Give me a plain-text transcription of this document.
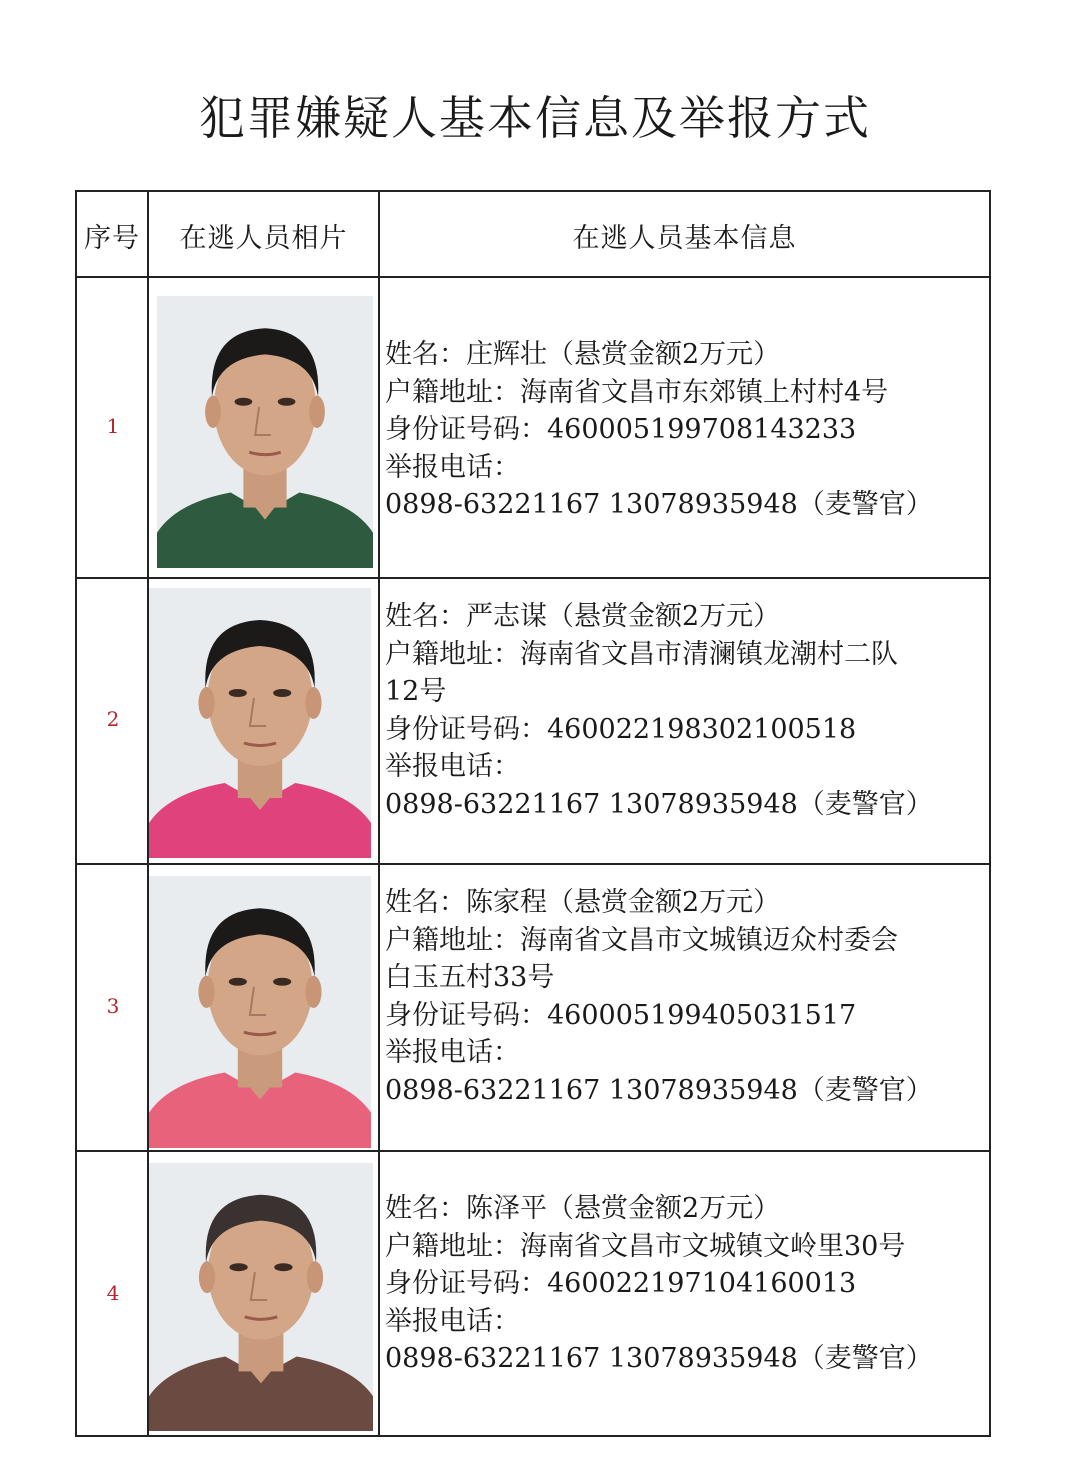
犯罪嫌疑人基本信息及举报方式
序号	在逃人员相片	在逃人员基本信息
1
姓名：庄辉壮（悬赏金额2万元）
户籍地址：海南省文昌市东郊镇上村村4号
身份证号码：460005199708143233
举报电话：
0898-63221167 13078935948（麦警官）
2
姓名：严志谋（悬赏金额2万元）
户籍地址：海南省文昌市清澜镇龙潮村二队
12号
身份证号码：460022198302100518
举报电话：
0898-63221167 13078935948（麦警官）
3
姓名：陈家程（悬赏金额2万元）
户籍地址：海南省文昌市文城镇迈众村委会
白玉五村33号
身份证号码：460005199405031517
举报电话：
0898-63221167 13078935948（麦警官）
4
姓名：陈泽平（悬赏金额2万元）
户籍地址：海南省文昌市文城镇文岭里30号
身份证号码：460022197104160013
举报电话：
0898-63221167 13078935948（麦警官）
